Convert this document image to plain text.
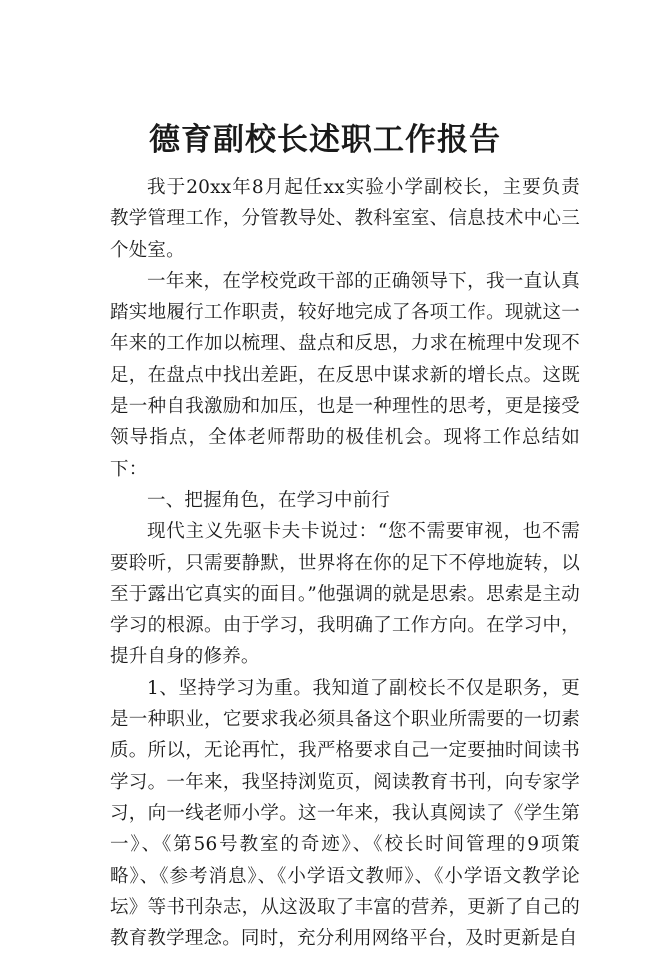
德育副校长述职工作报告

我于20xx年8月起任xx实验小学副校长，主要负责教学管理工作，分管教导处、教科室室、信息技术中心三个处室。

一年来，在学校党政干部的正确领导下，我一直认真踏实地履行工作职责，较好地完成了各项工作。现就这一年来的工作加以梳理、盘点和反思，力求在梳理中发现不足，在盘点中找出差距，在反思中谋求新的增长点。这既是一种自我激励和加压，也是一种理性的思考，更是接受领导指点，全体老师帮助的极佳机会。现将工作总结如下：

一、把握角色，在学习中前行

现代主义先驱卡夫卡说过：“您不需要审视，也不需要聆听，只需要静默，世界将在你的足下不停地旋转，以至于露出它真实的面目。”他强调的就是思索。思索是主动学习的根源。由于学习，我明确了工作方向。在学习中，提升自身的修养。

1、坚持学习为重。我知道了副校长不仅是职务，更是一种职业，它要求我必须具备这个职业所需要的一切素质。所以，无论再忙，我严格要求自己一定要抽时间读书学习。一年来，我坚持浏览页，阅读教育书刊，向专家学习，向一线老师小学。这一年来，我认真阅读了《学生第一》、《第56号教室的奇迹》、《校长时间管理的9项策略》、《参考消息》、《小学语文教师》、《小学语文教学论坛》等书刊杂志，从这汲取了丰富的营养，更新了自己的教育教学理念。同时，充分利用网络平台，及时更新是自
